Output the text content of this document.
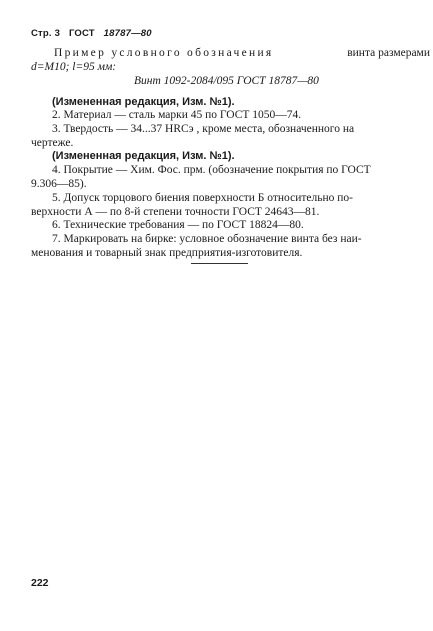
Стр. 3 ГОСТ 18787—80
Пример условного обозначения	винта размерами
d=M10; l=95 мм:
Винт 1092-2084/095 ГОСТ 18787—80
(Измененная редакция, Изм. №1).
2. Материал — сталь марки 45 по ГОСТ 1050—74.
3. Твердость — 34...37 HRCэ , кроме места, обозначенного на
чертеже.
(Измененная редакция, Изм. №1).
4. Покрытие — Хим. Фос. прм. (обозначение покрытия по ГОСТ
9.306—85).
5. Допуск торцового биения поверхности Б относительно по-
верхности А — по 8-й степени точности ГОСТ 24643—81.
6. Технические требования — по ГОСТ 18824—80.
7. Маркировать на бирке: условное обозначение винта без наи-
менования и товарный знак предприятия-изготовителя.
222
